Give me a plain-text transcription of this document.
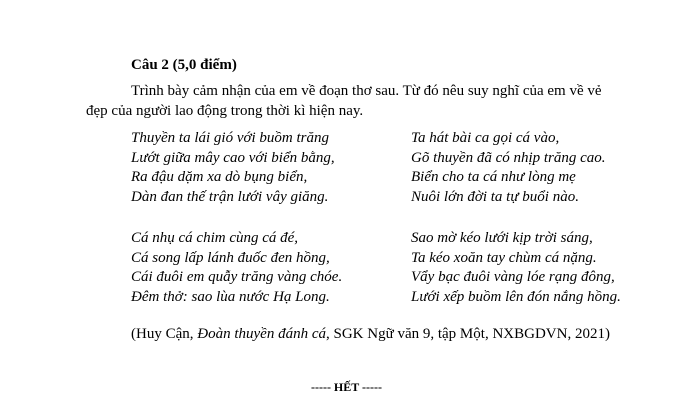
Câu 2 (5,0 điểm)
Trình bày cảm nhận của em về đoạn thơ sau. Từ đó nêu suy nghĩ của em về vẻ
đẹp của người lao động trong thời kì hiện nay.
Thuyền ta lái gió với buồm trăng
Lướt giữa mây cao với biển bằng,
Ra đậu dặm xa dò bụng biển,
Dàn đan thế trận lưới vây giăng.
Ta hát bài ca gọi cá vào,
Gõ thuyền đã có nhịp trăng cao.
Biển cho ta cá như lòng mẹ
Nuôi lớn đời ta tự buổi nào.
Cá nhụ cá chim cùng cá đé,
Cá song lấp lánh đuốc đen hồng,
Cái đuôi em quẫy trăng vàng chóe.
Đêm thở: sao lùa nước Hạ Long.
Sao mờ kéo lưới kịp trời sáng,
Ta kéo xoăn tay chùm cá nặng.
Vẩy bạc đuôi vàng lóe rạng đông,
Lưới xếp buồm lên đón nắng hồng.
(Huy Cận, Đoàn thuyền đánh cá, SGK Ngữ văn 9, tập Một, NXBGDVN, 2021)
----- HẾT -----
